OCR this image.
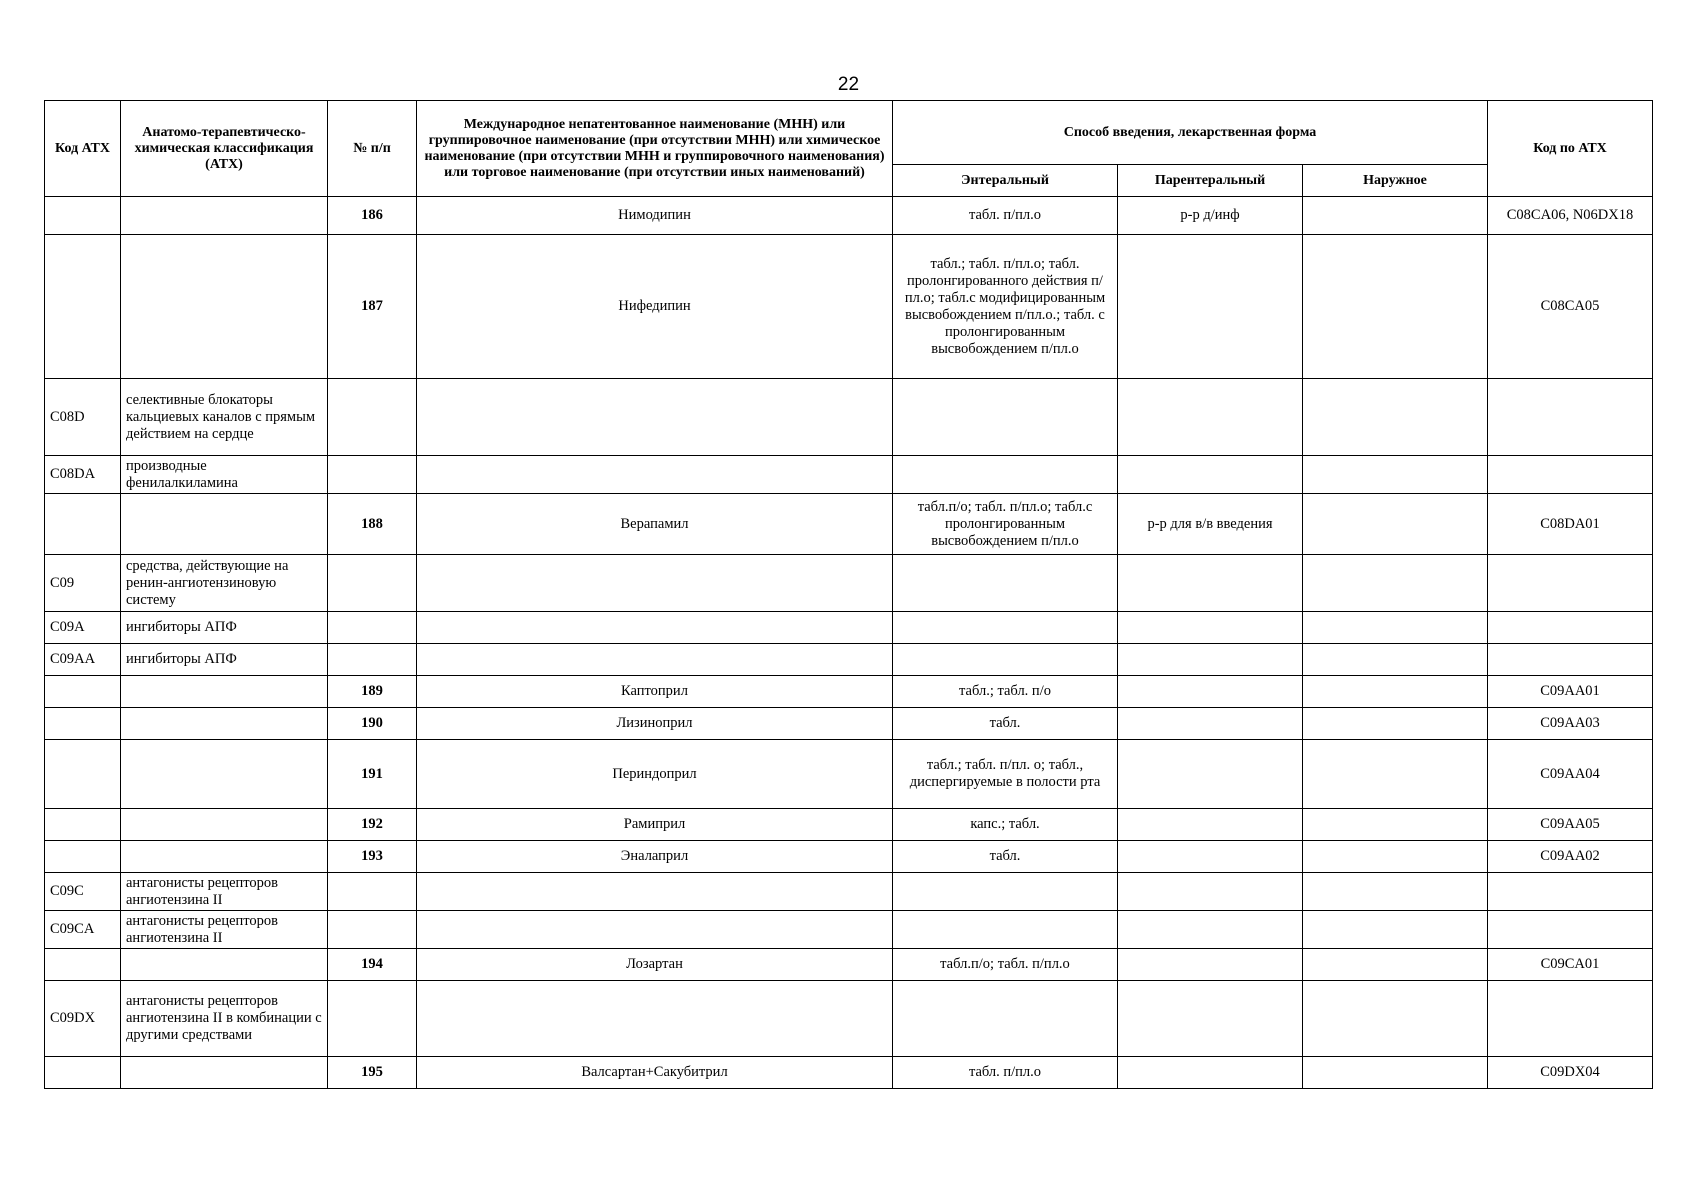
22
Код АТХ	Анатомо-терапевтическо-химическая классификация (АТХ)	№ п/п	Международное непатентованное наименование (МНН) или группировочное наименование (при отсутствии МНН) или химическое наименование (при отсутствии МНН и группировочного наименования) или торговое наименование (при отсутствии иных наименований)	Способ введения, лекарственная форма			Код по АТХ
				Энтеральный	Парентеральный	Наружное	
		186	Нимодипин	табл. п/пл.о	р-р д/инф		C08CA06, N06DX18
		187	Нифедипин	табл.; табл. п/пл.о; табл. пролонгированного действия п/пл.о; табл.с модифицированным высвобождением п/пл.о.; табл. с пролонгированным высвобождением п/пл.о			C08CA05
C08D	селективные блокаторы кальциевых каналов с прямым действием на сердце						
C08DA	производные фенилалкиламина						
		188	Верапамил	табл.п/о; табл. п/пл.о; табл.с пролонгированным высвобождением п/пл.о	р-р для в/в введения		C08DA01
C09	средства, действующие на ренин-ангиотензиновую систему						
C09A	ингибиторы АПФ						
C09AA	ингибиторы АПФ						
		189	Каптоприл	табл.; табл. п/о			C09AA01
		190	Лизиноприл	табл.			C09AA03
		191	Периндоприл	табл.; табл. п/пл. о; табл., диспергируемые в полости рта			C09AA04
		192	Рамиприл	капс.; табл.			C09AA05
		193	Эналаприл	табл.			C09AA02
C09C	антагонисты рецепторов ангиотензина II						
C09CA	антагонисты рецепторов ангиотензина II						
		194	Лозартан	табл.п/о; табл. п/пл.о			C09CA01
C09DX	антагонисты рецепторов ангиотензина II в комбинации с другими средствами						
		195	Валсартан+Сакубитрил	табл. п/пл.о			C09DX04
